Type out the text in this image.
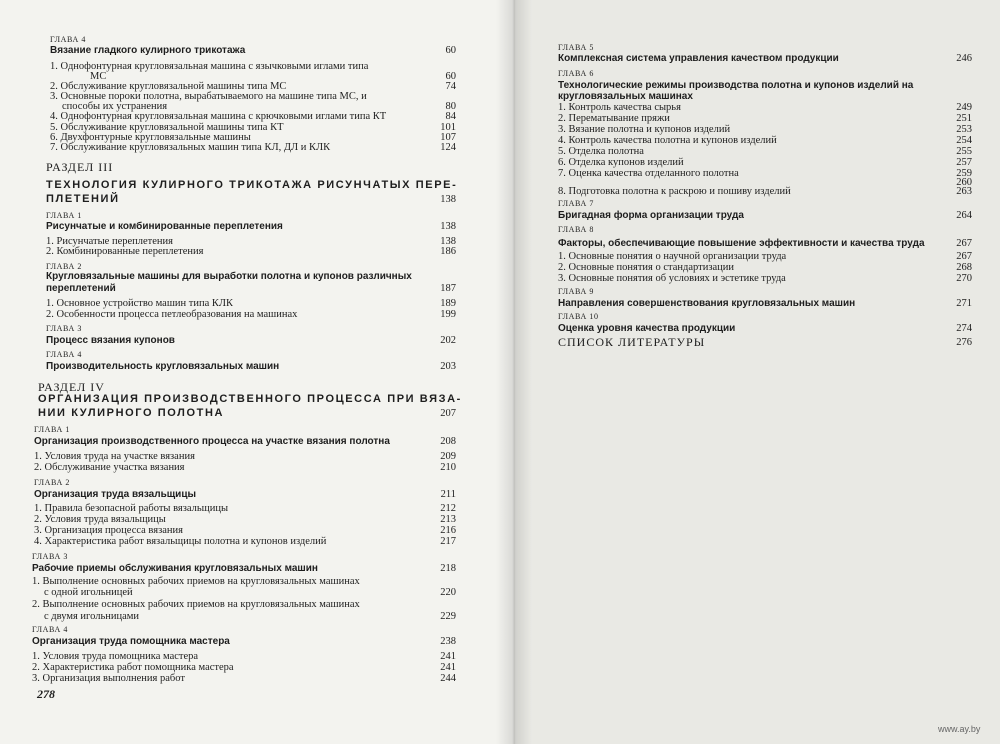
ГЛАВА 4
Вязание гладкого кулирного трикотажа	60
1. Однофонтурная кругловязальная машина с язычковыми иглами типа
МС	60
2. Обслуживание кругловязальной машины типа МС	74
3. Основные пороки полотна, вырабатываемого на машине типа МС, и
способы их устранения	80
4. Однофонтурная кругловязальная машина с крючковыми иглами типа КТ	84
5. Обслуживание кругловязальной машины типа КТ	101
6. Двухфонтурные кругловязальные машины	107
7. Обслуживание кругловязальных машин типа КЛ, ДЛ и КЛК	124
РАЗДЕЛ III
ТЕХНОЛОГИЯ КУЛИРНОГО ТРИКОТАЖА РИСУНЧАТЫХ ПЕРЕ-
ПЛЕТЕНИЙ	138
ГЛАВА 1
Рисунчатые и комбинированные переплетения	138
1. Рисунчатые переплетения	138
2. Комбинированные переплетения	186
ГЛАВА 2
Кругловязальные машины для выработки полотна и купонов различных
переплетений	187
1. Основное устройство машин типа КЛК	189
2. Особенности процесса петлеобразования на машинах	199
ГЛАВА 3
Процесс вязания купонов	202
ГЛАВА 4
Производительность кругловязальных машин	203
РАЗДЕЛ IV
ОРГАНИЗАЦИЯ ПРОИЗВОДСТВЕННОГО ПРОЦЕССА ПРИ ВЯЗА-
НИИ КУЛИРНОГО ПОЛОТНА	207
ГЛАВА 1
Организация производственного процесса на участке вязания полотна	208
1. Условия труда на участке вязания	209
2. Обслуживание участка вязания	210
ГЛАВА 2
Организация труда вязальщицы	211
1. Правила безопасной работы вязальщицы	212
2. Условия труда вязальщицы	213
3. Организация процесса вязания	216
4. Характеристика работ вязальщицы полотна и купонов изделий	217
ГЛАВА 3
Рабочие приемы обслуживания кругловязальных машин	218
1. Выполнение основных рабочих приемов на кругловязальных машинах
с одной игольницей	220
2. Выполнение основных рабочих приемов на кругловязальных машинах
с двумя игольницами	229
ГЛАВА 4
Организация труда помощника мастера	238
1. Условия труда помощника мастера	241
2. Характеристика работ помощника мастера	241
3. Организация выполнения работ	244
ГЛАВА 5
Комплексная система управления качеством продукции	246
ГЛАВА 6
Технологические режимы производства полотна и купонов изделий на
кругловязальных машинах
1. Контроль качества сырья	249
2. Перематывание пряжи	251
3. Вязание полотна и купонов изделий	253
4. Контроль качества полотна и купонов изделий	254
5. Отделка полотна	255
6. Отделка купонов изделий	257
7. Оценка качества отделанного полотна	259
260
8. Подготовка полотна к раскрою и пошиву изделий	263
ГЛАВА 7
Бригадная форма организации труда	264
ГЛАВА 8
Факторы, обеспечивающие повышение эффективности и качества труда	267
1. Основные понятия о научной организации труда	267
2. Основные понятия о стандартизации	268
3. Основные понятия об условиях и эстетике труда	270
ГЛАВА 9
Направления совершенствования кругловязальных машин	271
ГЛАВА 10
Оценка уровня качества продукции	274
СПИСОК ЛИТЕРАТУРЫ	276
278
www.ay.by
